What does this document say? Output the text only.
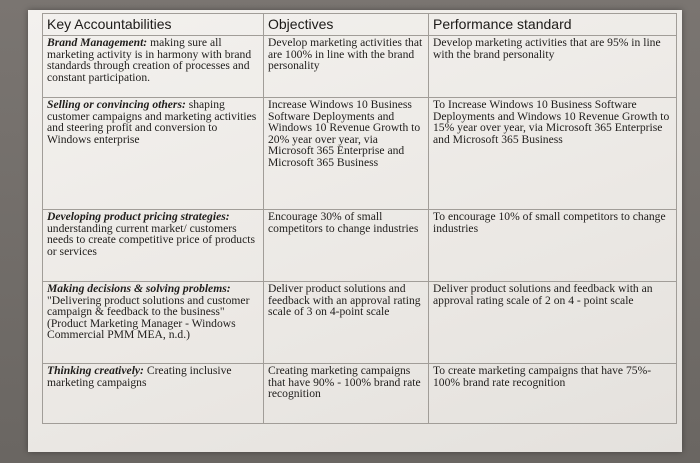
Key Accountabilities	Objectives	Performance standard
Brand Management: making sure all marketing activity is in harmony with brand standards through creation of processes and constant participation.	Develop marketing activities that are 100% in line with the brand personality	Develop marketing activities that are 95% in line with the brand personality
Selling or convincing others: shaping customer campaigns and marketing activities and steering profit and conversion to Windows enterprise	Increase Windows 10 Business Software Deployments and Windows 10 Revenue Growth to 20% year over year, via Microsoft 365 Enterprise and Microsoft 365 Business	To Increase Windows 10 Business Software Deployments and Windows 10 Revenue Growth to 15% year over year, via Microsoft 365 Enterprise and Microsoft 365 Business
Developing product pricing strategies: understanding current market/ customers needs to create competitive price of products or services	Encourage 30% of small competitors to change industries	To encourage 10% of small competitors to change industries
Making decisions & solving problems: "Delivering product solutions and customer campaign & feedback to the business" (Product Marketing Manager - Windows Commercial PMM MEA, n.d.)	Deliver product solutions and feedback with an approval rating scale of 3 on 4-point scale	Deliver product solutions and feedback with an approval rating scale of 2 on 4 - point scale
Thinking creatively: Creating inclusive marketing campaigns	Creating marketing campaigns that have 90% - 100% brand rate recognition	To create marketing campaigns that have 75%- 100% brand rate recognition
